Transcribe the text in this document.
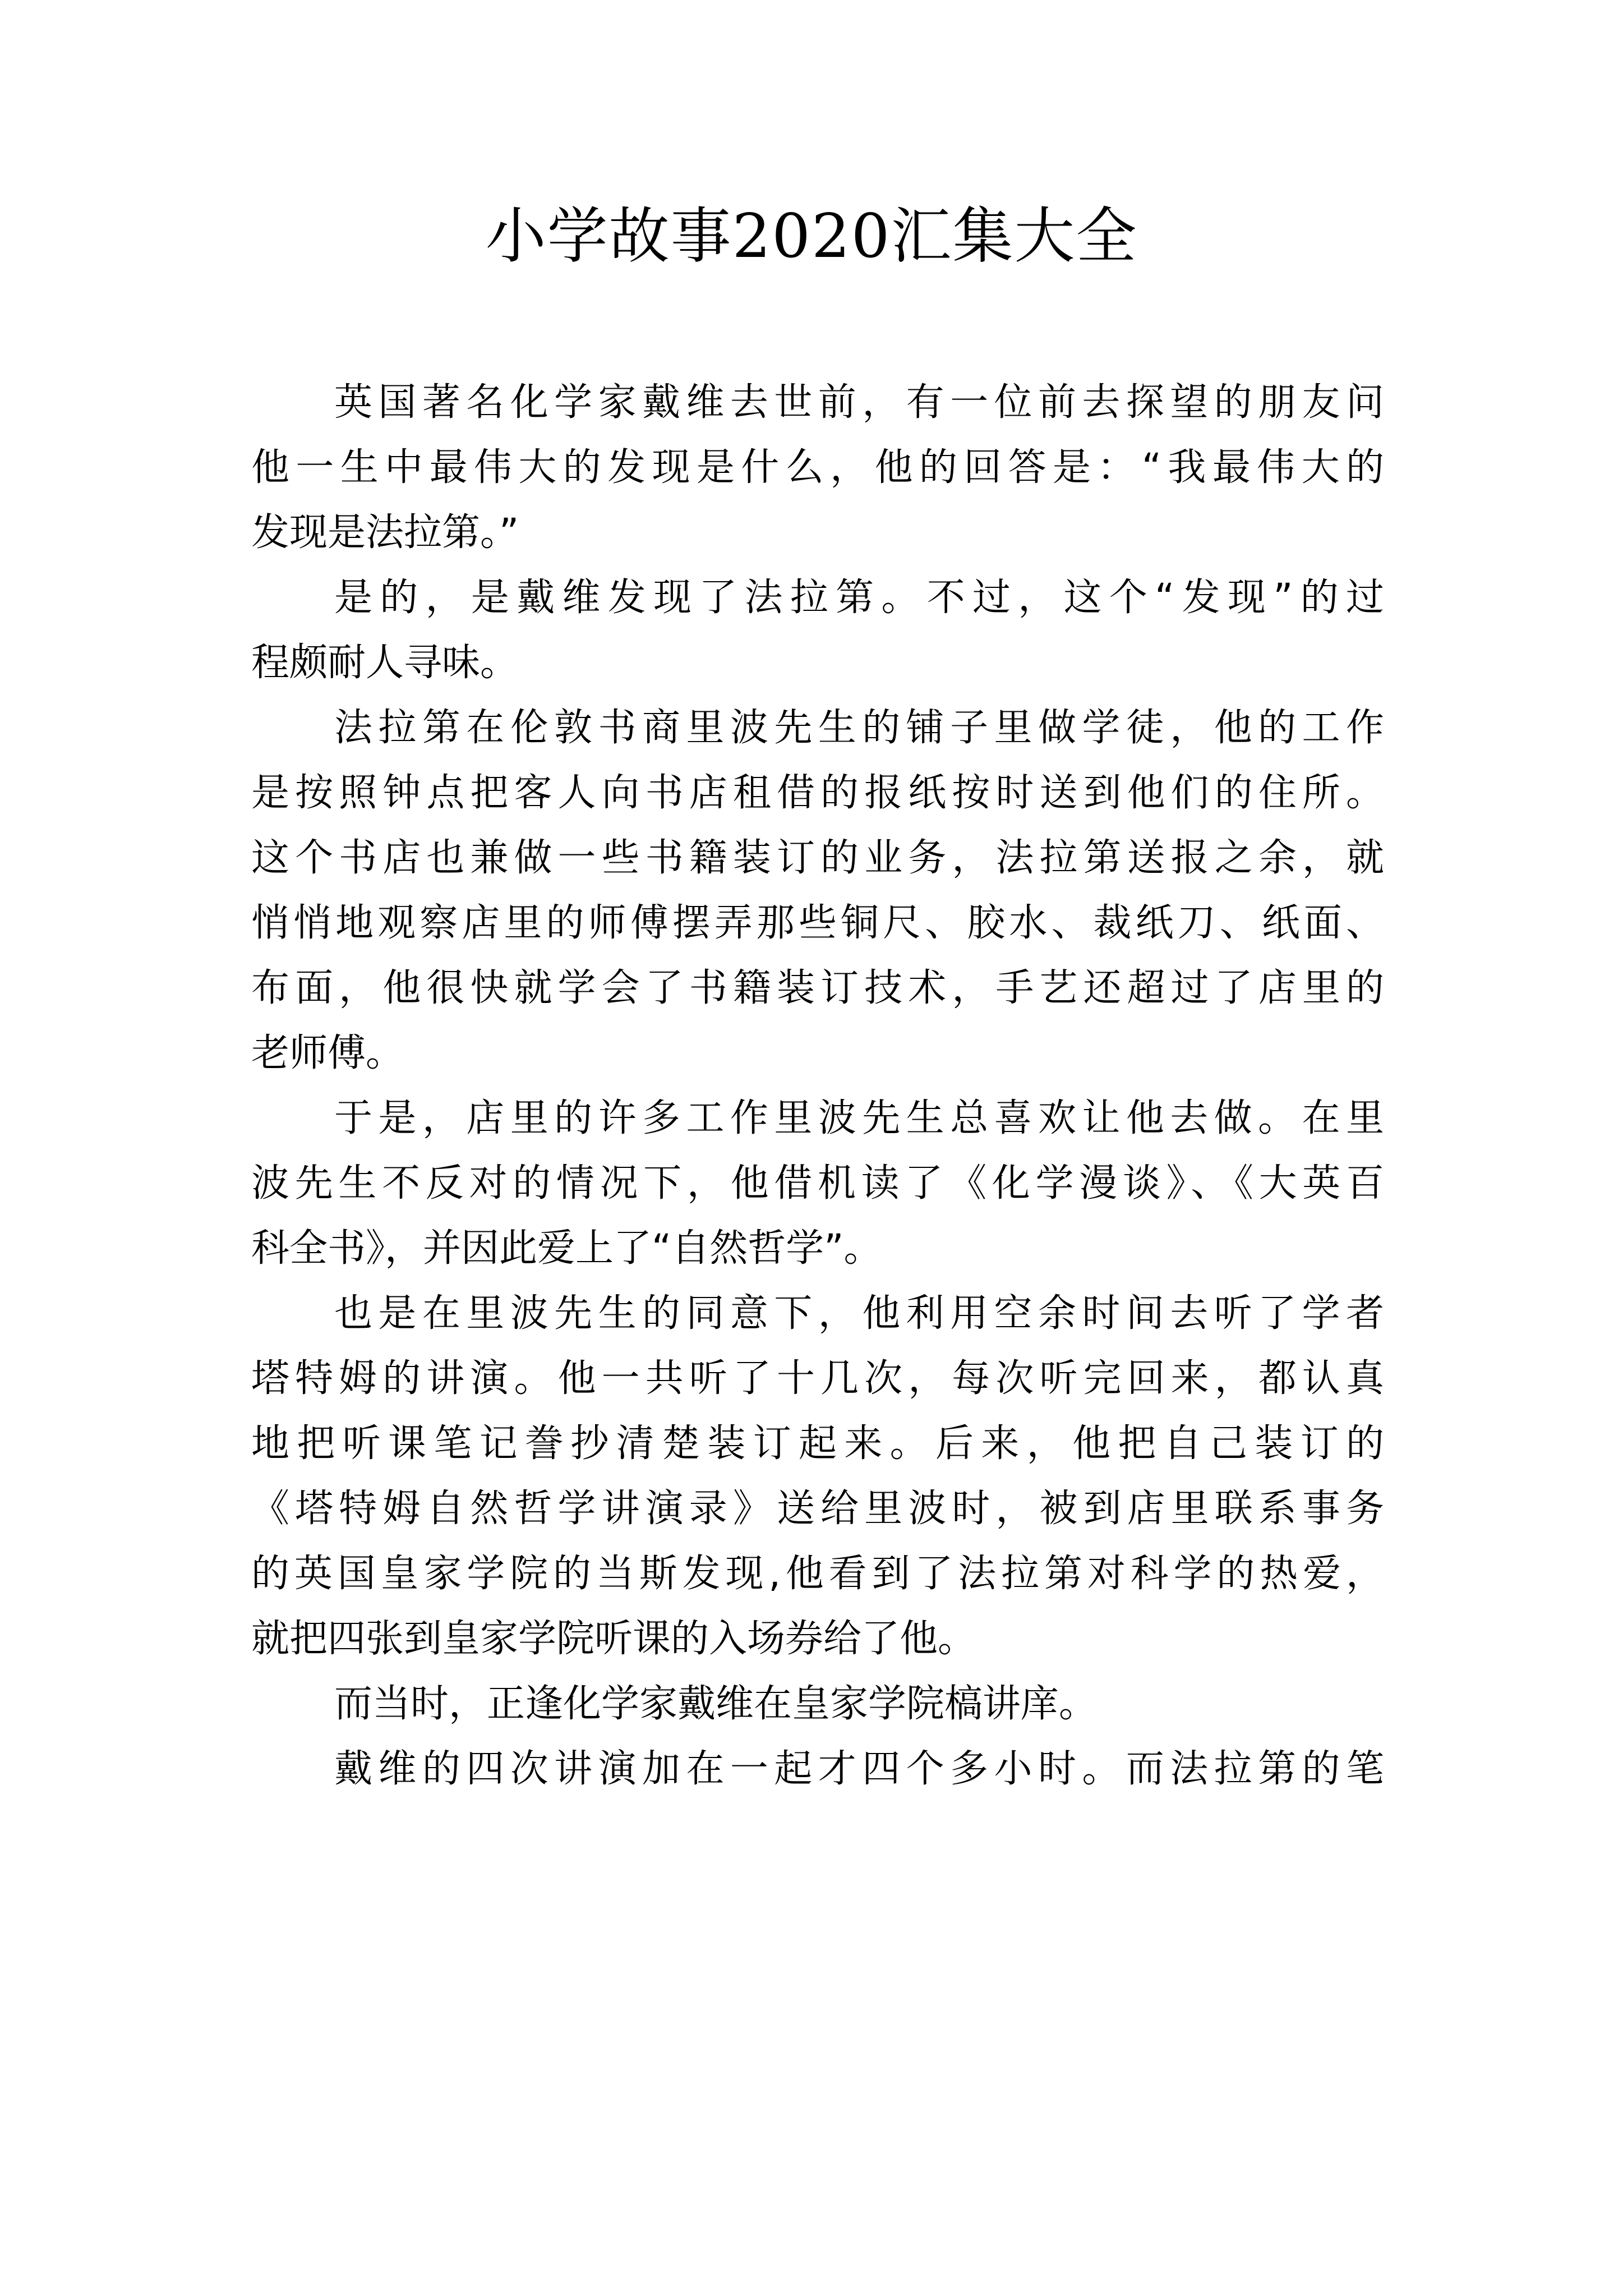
小学故事2020汇集大全
英国著名化学家戴维去世前，有一位前去探望的朋友问
他一生中最伟大的发现是什么，他的回答是：“我最伟大的
发现是法拉第。”
是的，是戴维发现了法拉第。不过，这个“发现”的过
程颇耐人寻味。
法拉第在伦敦书商里波先生的铺子里做学徒，他的工作
是按照钟点把客人向书店租借的报纸按时送到他们的住所。
这个书店也兼做一些书籍装订的业务，法拉第送报之余，就
悄悄地观察店里的师傅摆弄那些铜尺、胶水、裁纸刀、纸面、
布面，他很快就学会了书籍装订技术，手艺还超过了店里的
老师傅。
于是，店里的许多工作里波先生总喜欢让他去做。在里
波先生不反对的情况下，他借机读了《化学漫谈》、《大英百
科全书》，并因此爱上了“自然哲学”。
也是在里波先生的同意下，他利用空余时间去听了学者
塔特姆的讲演。他一共听了十几次，每次听完回来，都认真
地把听课笔记誊抄清楚装订起来。后来，他把自己装订的
《塔特姆自然哲学讲演录》送给里波时，被到店里联系事务
的英国皇家学院的当斯发现,他看到了法拉第对科学的热爱，
就把四张到皇家学院听课的入场券给了他。
而当时，正逢化学家戴维在皇家学院槁讲庠。
戴维的四次讲演加在一起才四个多小时。而法拉第的笔
